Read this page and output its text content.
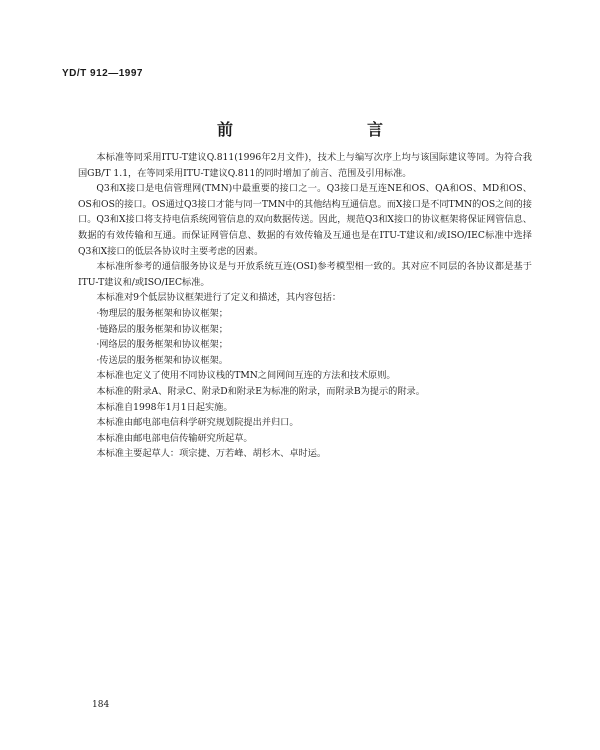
YD/T 912—1997
前　　言

本标准等同采用ITU-T建议Q.811(1996年2月文件)，技术上与编写次序上均与该国际建议等同。为符合我国GB/T 1.1，在等同采用ITU-T建议Q.811的同时增加了前言、范围及引用标准。

Q3和X接口是电信管理网(TMN)中最重要的接口之一。Q3接口是互连NE和OS、QA和OS、MD和OS、OS和OS的接口。OS通过Q3接口才能与同一TMN中的其他结构互通信息。而X接口是不同TMN的OS之间的接口。Q3和X接口将支持电信系统网管信息的双向数据传送。因此，规范Q3和X接口的协议框架将保证网管信息、数据的有效传输和互通。而保证网管信息、数据的有效传输及互通也是在ITU-T建议和/或ISO/IEC标准中选择Q3和X接口的低层各协议时主要考虑的因素。

本标准所参考的通信服务协议是与开放系统互连(OSI)参考模型相一致的。其对应不同层的各协议都是基于ITU-T建议和/或ISO/IEC标准。

本标准对9个低层协议框架进行了定义和描述，其内容包括：

·物理层的服务框架和协议框架；
·链路层的服务框架和协议框架；
·网络层的服务框架和协议框架；
·传送层的服务框架和协议框架。

本标准也定义了使用不同协议栈的TMN之间网间互连的方法和技术原则。

本标准的附录A、附录C、附录D和附录E为标准的附录，而附录B为提示的附录。

本标准自1998年1月1日起实施。

本标准由邮电部电信科学研究规划院提出并归口。

本标准由邮电部电信传输研究所起草。

本标准主要起草人：项宗捷、万若峰、胡杉木、卓时运。

184
